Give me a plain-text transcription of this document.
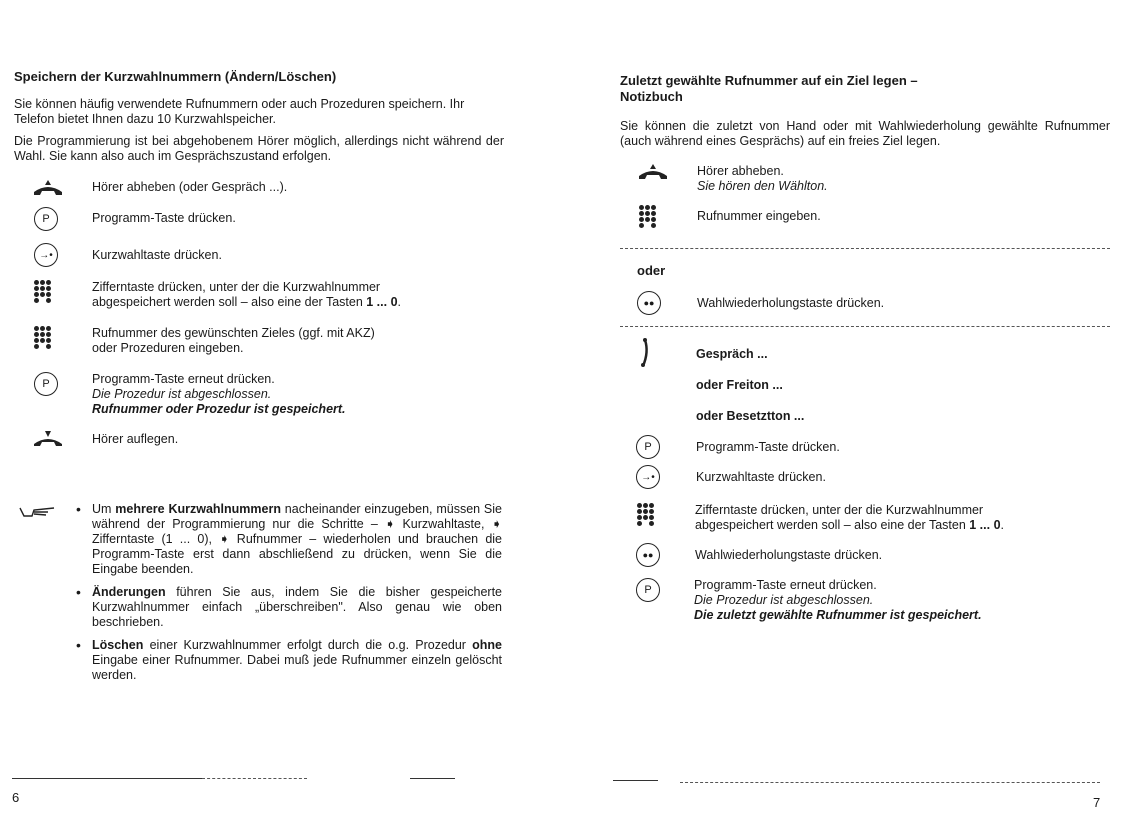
Speichern der Kurzwahlnummern (Ändern/Löschen)

Sie können häufig verwendete Rufnummern oder auch Prozeduren speichern. Ihr Telefon bietet Ihnen dazu 10 Kurzwahlspeicher.

Die Programmierung ist bei abgehobenem Hörer möglich, allerdings nicht während der Wahl. Sie kann also auch im Gesprächszustand erfolgen.

Hörer abheben (oder Gespräch ...).
P	Programm-Taste drücken.
→•	Kurzwahltaste drücken.
Zifferntaste drücken, unter der die Kurzwahlnummer
abgespeichert werden soll – also eine der Tasten 1 ... 0.
Rufnummer des gewünschten Zieles (ggf. mit AKZ)
oder Prozeduren eingeben.
P	Programm-Taste erneut drücken.
Die Prozedur ist abgeschlossen.
Rufnummer oder Prozedur ist gespeichert.
Hörer auflegen.
• Um mehrere Kurzwahlnummern nacheinander einzugeben, müssen Sie während der Programmierung nur die Schritte – ➧ Kurzwahltaste, ➧ Zifferntaste (1 ... 0), ➧ Rufnummer – wiederholen und brauchen die Programm-Taste erst dann abschließend zu drücken, wenn Sie die Eingabe beenden.
• Änderungen führen Sie aus, indem Sie die bisher gespeicherte Kurzwahlnummer einfach „überschreiben". Also genau wie oben beschrieben.
• Löschen einer Kurzwahlnummer erfolgt durch die o.g. Prozedur ohne Eingabe einer Rufnummer. Dabei muß jede Rufnummer einzeln gelöscht werden.
6
Zuletzt gewählte Rufnummer auf ein Ziel legen –
Notizbuch

Sie können die zuletzt von Hand oder mit Wahlwiederholung gewählte Rufnummer (auch während eines Gesprächs) auf ein freies Ziel legen.

Hörer abheben.
Sie hören den Wählton.
Rufnummer eingeben.
oder
●●	Wahlwiederholungstaste drücken.
Gespräch ...
oder Freiton ...
oder Besetztton ...
P	Programm-Taste drücken.
→•	Kurzwahltaste drücken.
Zifferntaste drücken, unter der die Kurzwahlnummer
abgespeichert werden soll – also eine der Tasten 1 ... 0.
●●	Wahlwiederholungstaste drücken.
P	Programm-Taste erneut drücken.
Die Prozedur ist abgeschlossen.
Die zuletzt gewählte Rufnummer ist gespeichert.
7
